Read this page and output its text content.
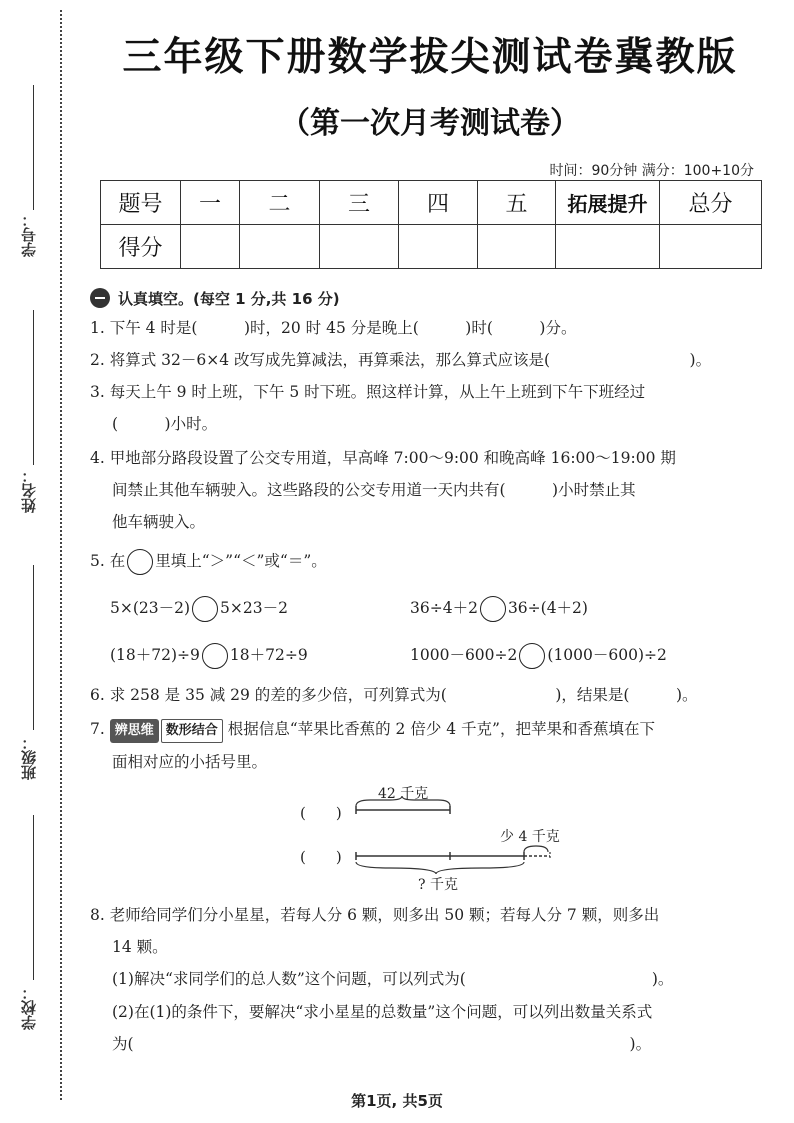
学号：
姓名：
班级：
学校：
三年级下册数学拔尖测试卷冀教版
（第一次月考测试卷）
时间：90分钟 满分：100+10分
题号	一	二	三	四	五	拓展提升	总分
得分							
认真填空。(每空 1 分,共 16 分)
1. 下午 4 时是(　　　)时，20 时 45 分是晚上(　　　)时(　　　)分。
2. 将算式 32－6×4 改写成先算减法，再算乘法，那么算式应该是(　　　　　　　　　)。
3. 每天上午 9 时上班，下午 5 时下班。照这样计算，从上午上班到下午下班经过
(　　　)小时。
4. 甲地部分路段设置了公交专用道，早高峰 7:00～9:00 和晚高峰 16:00～19:00 期
间禁止其他车辆驶入。这些路段的公交专用道一天内共有(　　　)小时禁止其
他车辆驶入。
5. 在 里填上“＞”“＜”或“＝”。
5×(23－2) 5×23－2	36÷4＋2 36÷(4＋2)
(18＋72)÷9 18＋72÷9	1000－600÷2 (1000－600)÷2
6. 求 258 是 35 减 29 的差的多少倍，可列算式为(　　　　　　　)，结果是(　　　)。
7. 辨思维 数形结合 根据信息“苹果比香蕉的 2 倍少 4 千克”，把苹果和香蕉填在下
面相对应的小括号里。
(　　)
(　　)
42 千克
少 4 千克
? 千克
8. 老师给同学们分小星星，若每人分 6 颗，则多出 50 颗；若每人分 7 颗，则多出
14 颗。
(1)解决“求同学们的总人数”这个问题，可以列式为(　　　　　　　　　　　　)。
(2)在(1)的条件下，要解决“求小星星的总数量”这个问题，可以列出数量关系式
为(　　　　　　　　　　　　　　　　　　　　　　　　　　　　　　　　)。
第1页, 共5页
